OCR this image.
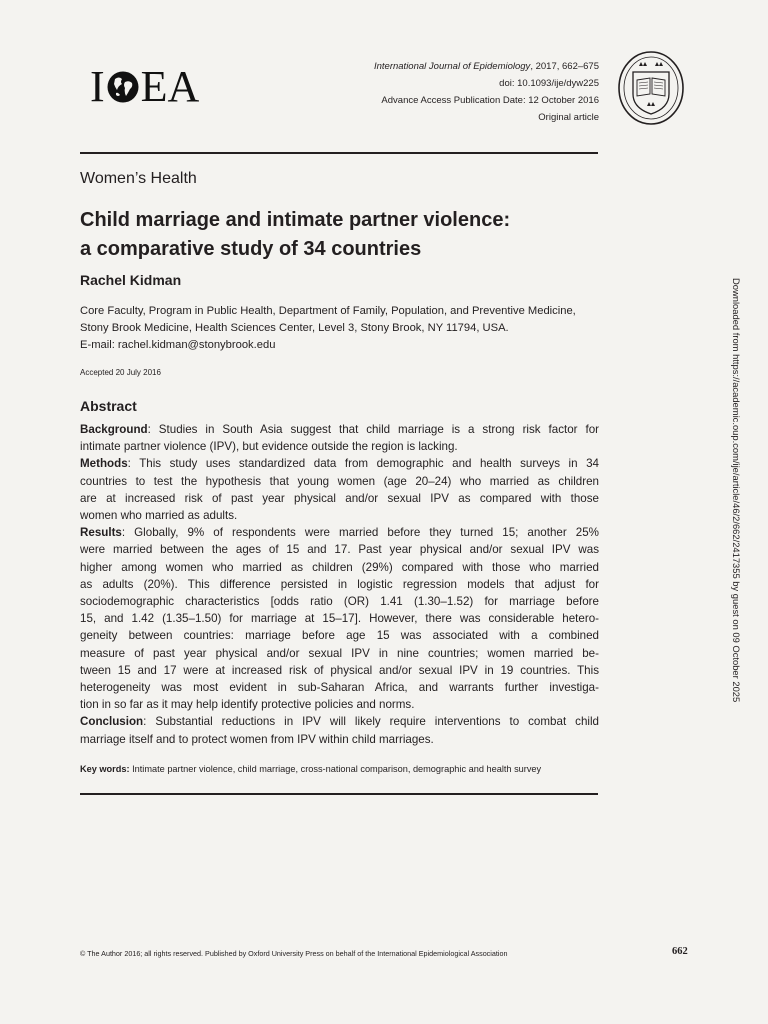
I EA	International Journal of Epidemiology, 2017, 662–675
doi: 10.1093/ije/dyw225
Advance Access Publication Date: 12 October 2016
Original article
Women’s Health
Child marriage and intimate partner violence:
a comparative study of 34 countries
Rachel Kidman
Core Faculty, Program in Public Health, Department of Family, Population, and Preventive Medicine,
Stony Brook Medicine, Health Sciences Center, Level 3, Stony Brook, NY 11794, USA.
E-mail: rachel.kidman@stonybrook.edu
Accepted 20 July 2016
Abstract
Background: Studies in South Asia suggest that child marriage is a strong risk factor for
intimate partner violence (IPV), but evidence outside the region is lacking.
Methods: This study uses standardized data from demographic and health surveys in 34
countries to test the hypothesis that young women (age 20–24) who married as children
are at increased risk of past year physical and/or sexual IPV as compared with those
women who married as adults.
Results: Globally, 9% of respondents were married before they turned 15; another 25%
were married between the ages of 15 and 17. Past year physical and/or sexual IPV was
higher among women who married as children (29%) compared with those who married
as adults (20%). This difference persisted in logistic regression models that adjust for
sociodemographic characteristics [odds ratio (OR) 1.41 (1.30–1.52) for marriage before
15, and 1.42 (1.35–1.50) for marriage at 15–17]. However, there was considerable hetero-
geneity between countries: marriage before age 15 was associated with a combined
measure of past year physical and/or sexual IPV in nine countries; women married be-
tween 15 and 17 were at increased risk of physical and/or sexual IPV in 19 countries. This
heterogeneity was most evident in sub-Saharan Africa, and warrants further investiga-
tion in so far as it may help identify protective policies and norms.
Conclusion: Substantial reductions in IPV will likely require interventions to combat child
marriage itself and to protect women from IPV within child marriages.
Key words: Intimate partner violence, child marriage, cross-national comparison, demographic and health survey
© The Author 2016; all rights reserved. Published by Oxford University Press on behalf of the International Epidemiological Association	662
Downloaded from https://academic.oup.com/ije/article/46/2/662/2417355 by guest on 09 October 2025
